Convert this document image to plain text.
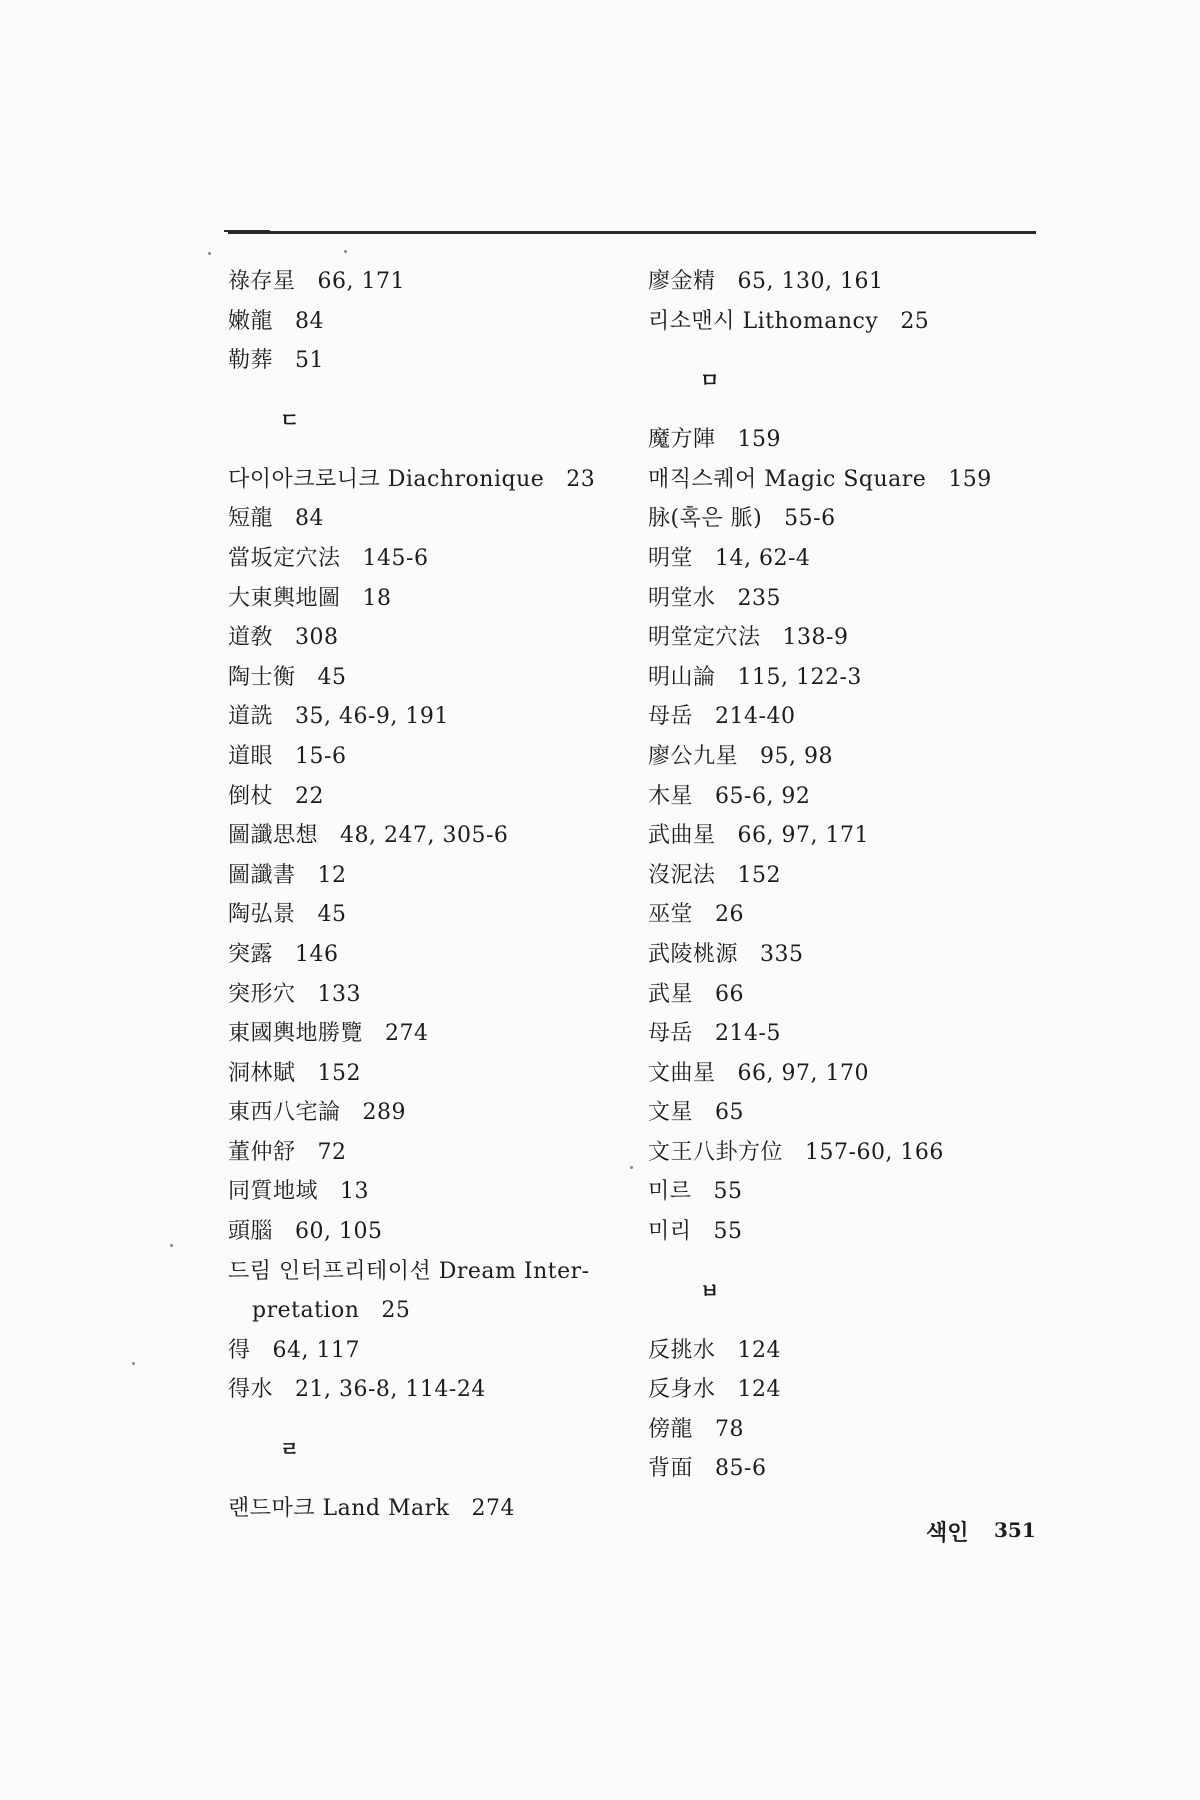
祿存星 66, 171
嫩龍 84
勒葬 51
ㄷ
다이아크로니크 Diachronique 23
短龍 84
當坂定穴法 145-6
大東輿地圖 18
道敎 308
陶士衡 45
道詵 35, 46-9, 191
道眼 15-6
倒杖 22
圖讖思想 48, 247, 305-6
圖讖書 12
陶弘景 45
突露 146
突形穴 133
東國輿地勝覽 274
洞林賦 152
東西八宅論 289
董仲舒 72
同質地域 13
頭腦 60, 105
드림 인터프리테이션 Dream Inter-
pretation 25
得 64, 117
得水 21, 36-8, 114-24
ㄹ
랜드마크 Land Mark 274
廖金精 65, 130, 161
리소맨시 Lithomancy 25
ㅁ
魔方陣 159
매직스퀘어 Magic Square 159
脉(혹은 脈) 55-6
明堂 14, 62-4
明堂水 235
明堂定穴法 138-9
明山論 115, 122-3
母岳 214-40
廖公九星 95, 98
木星 65-6, 92
武曲星 66, 97, 171
沒泥法 152
巫堂 26
武陵桃源 335
武星 66
母岳 214-5
文曲星 66, 97, 170
文星 65
文王八卦方位 157-60, 166
미르 55
미리 55
ㅂ
反挑水 124
反身水 124
傍龍 78
背面 85-6
색인 351
